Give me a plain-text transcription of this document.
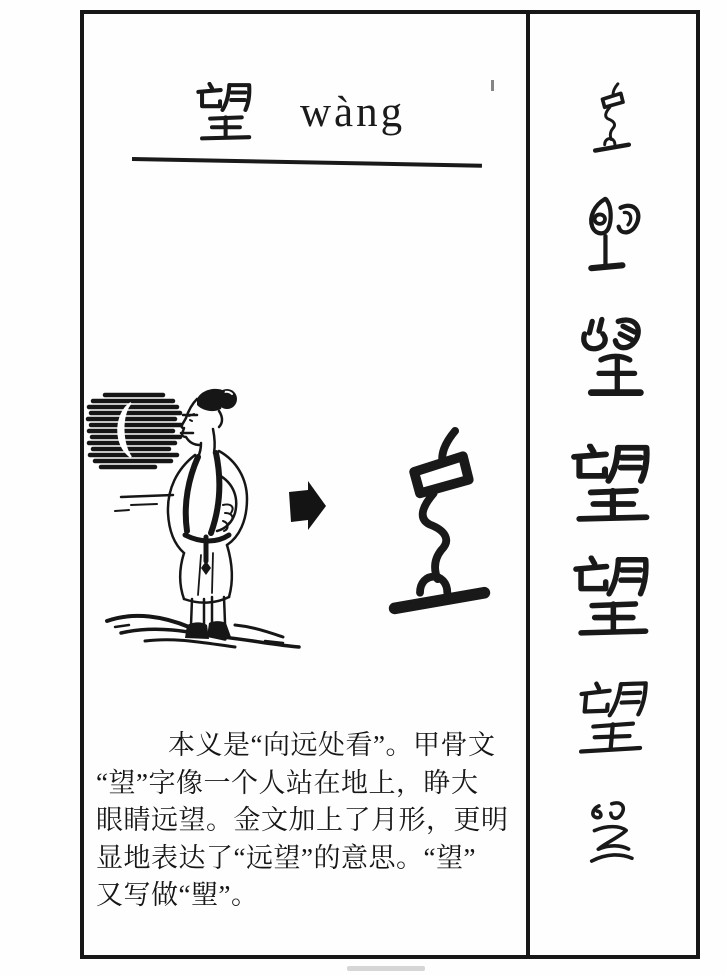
wàng
本义是“向远处看”。甲骨文
“望”字像一个人站在地上，睁大
眼睛远望。金文加上了月形，更明
显地表达了“远望”的意思。“望”
又写做“朢”。
